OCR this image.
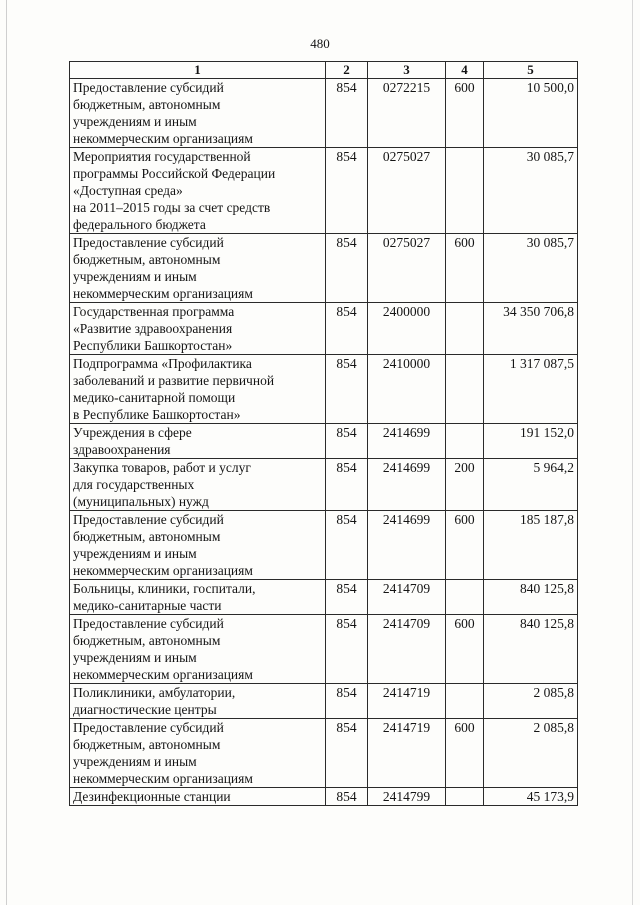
480
1	2	3	4	5
Предоставление субсидий
бюджетным, автономным
учреждениям и иным
некоммерческим организациям	854	0272215	600	10 500,0
Мероприятия государственной
программы Российской Федерации
«Доступная среда»
на 2011–2015 годы за счет средств
федерального бюджета	854	0275027		30 085,7
Предоставление субсидий
бюджетным, автономным
учреждениям и иным
некоммерческим организациям	854	0275027	600	30 085,7
Государственная программа
«Развитие здравоохранения
Республики Башкортостан»	854	2400000		34 350 706,8
Подпрограмма «Профилактика
заболеваний и развитие первичной
медико-санитарной помощи
в Республике Башкортостан»	854	2410000		1 317 087,5
Учреждения в сфере
здравоохранения	854	2414699		191 152,0
Закупка товаров, работ и услуг
для государственных
(муниципальных) нужд	854	2414699	200	5 964,2
Предоставление субсидий
бюджетным, автономным
учреждениям и иным
некоммерческим организациям	854	2414699	600	185 187,8
Больницы, клиники, госпитали,
медико-санитарные части	854	2414709		840 125,8
Предоставление субсидий
бюджетным, автономным
учреждениям и иным
некоммерческим организациям	854	2414709	600	840 125,8
Поликлиники, амбулатории,
диагностические центры	854	2414719		2 085,8
Предоставление субсидий
бюджетным, автономным
учреждениям и иным
некоммерческим организациям	854	2414719	600	2 085,8
Дезинфекционные станции	854	2414799		45 173,9
